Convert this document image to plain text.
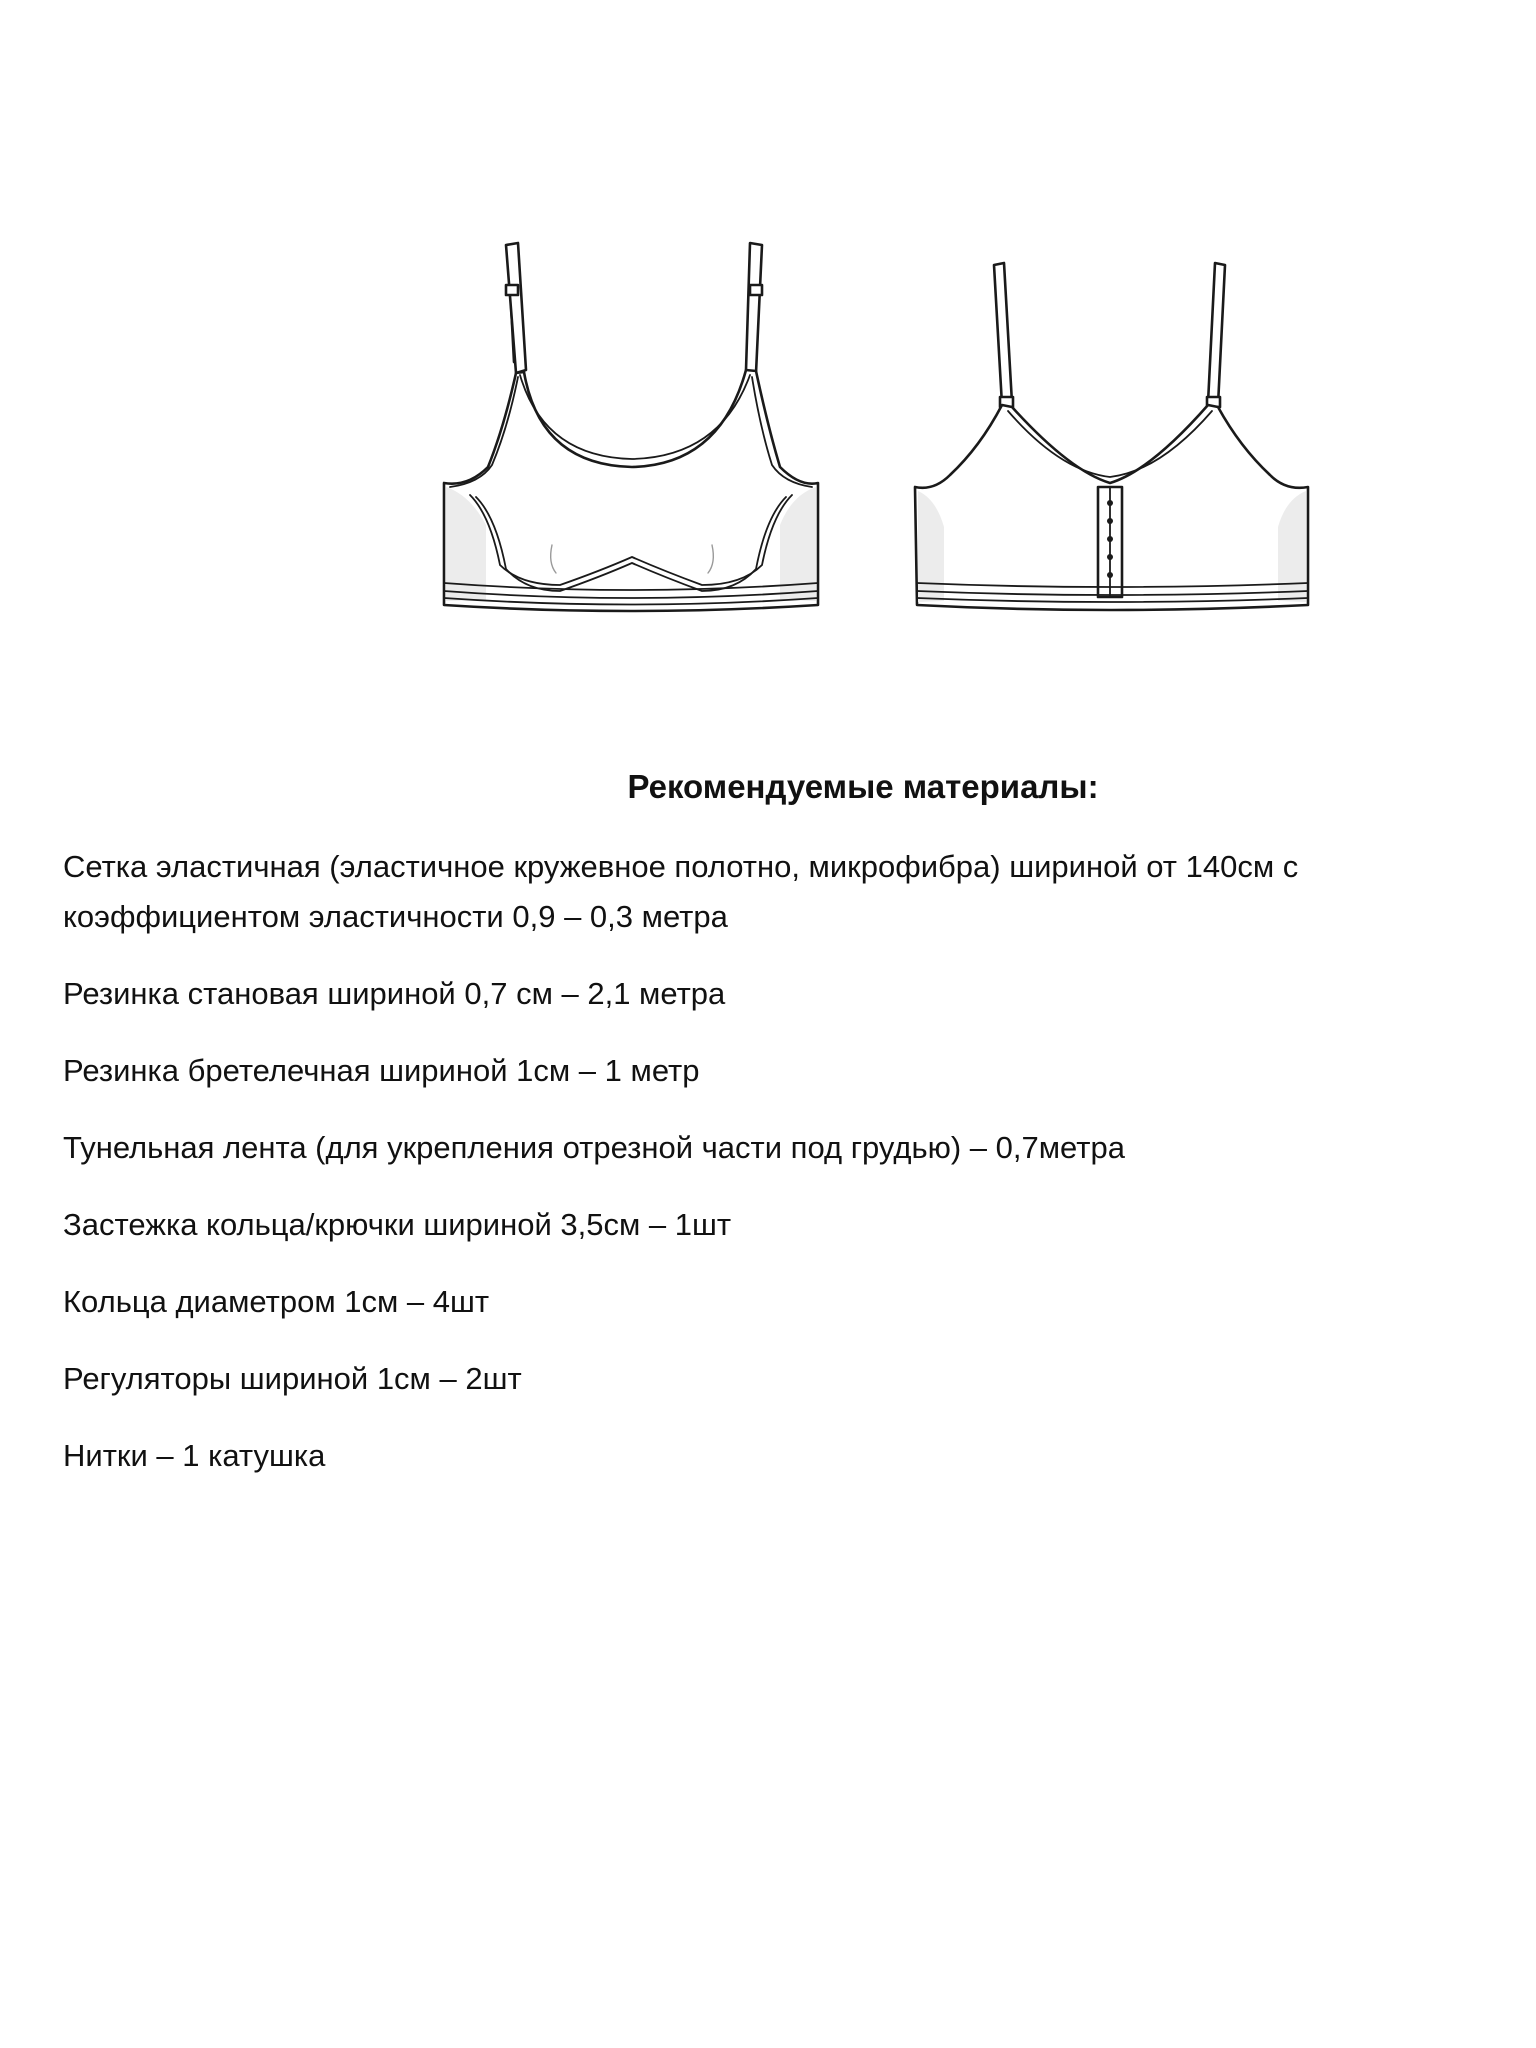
Рекомендуемые материалы:
Сетка эластичная (эластичное кружевное полотно, микрофибра) шириной от 140см с коэффициентом эластичности 0,9 – 0,3 метра
Резинка становая шириной 0,7 см – 2,1 метра
Резинка бретелечная шириной 1см – 1 метр
Тунельная лента (для укрепления отрезной части под грудью) – 0,7метра
Застежка кольца/крючки шириной 3,5см – 1шт
Кольца диаметром 1см – 4шт
Регуляторы шириной 1см – 2шт
Нитки – 1 катушка
